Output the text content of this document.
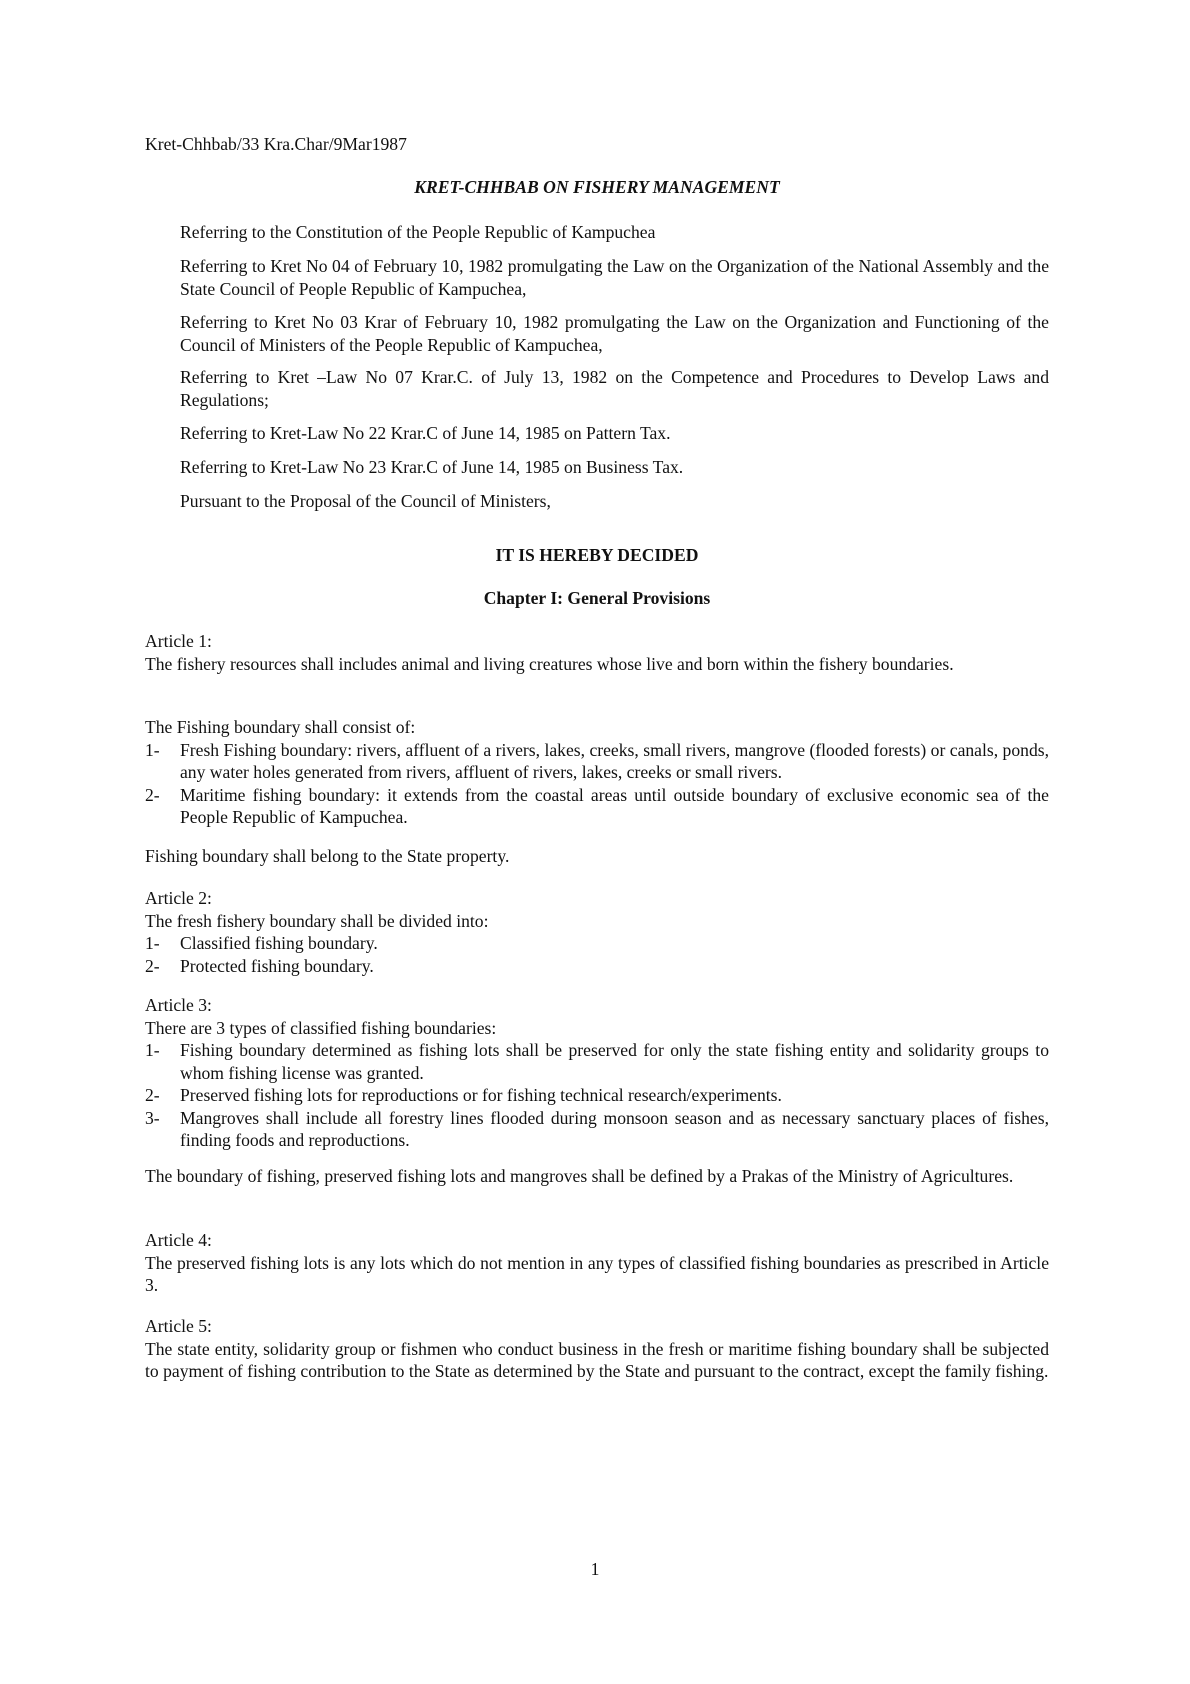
Kret-Chhbab/33 Kra.Char/9Mar1987

KRET-CHHBAB ON FISHERY MANAGEMENT

Referring to the Constitution of the People Republic of Kampuchea

Referring to Kret No 04 of February 10, 1982 promulgating the Law on the Organization of the National Assembly and the State Council of People Republic of Kampuchea,

Referring to Kret No 03 Krar of February 10, 1982 promulgating the Law on the Organization and Functioning of the Council of Ministers of the People Republic of Kampuchea,

Referring to Kret –Law No 07 Krar.C. of July 13, 1982 on the Competence and Procedures to Develop Laws and Regulations;

Referring to Kret-Law No 22 Krar.C of June 14, 1985 on Pattern Tax.

Referring to Kret-Law No 23 Krar.C of June 14, 1985 on Business Tax.

Pursuant to the Proposal of the Council of Ministers,

IT IS HEREBY DECIDED

Chapter I: General Provisions

Article 1:

The fishery resources shall includes animal and living creatures whose live and born within the fishery boundaries.

The Fishing boundary shall consist of:

1- Fresh Fishing boundary: rivers, affluent of a rivers, lakes, creeks, small rivers, mangrove (flooded forests) or canals, ponds, any water holes generated from rivers, affluent of rivers, lakes, creeks or small rivers.
2- Maritime fishing boundary: it extends from the coastal areas until outside boundary of exclusive economic sea of the People Republic of Kampuchea.

Fishing boundary shall belong to the State property.

Article 2:

The fresh fishery boundary shall be divided into:

1- Classified fishing boundary.
2- Protected fishing boundary.

Article 3:

There are 3 types of classified fishing boundaries:

1- Fishing boundary determined as fishing lots shall be preserved for only the state fishing entity and solidarity groups to whom fishing license was granted.
2- Preserved fishing lots for reproductions or for fishing technical research/experiments.
3- Mangroves shall include all forestry lines flooded during monsoon season and as necessary sanctuary places of fishes, finding foods and reproductions.

The boundary of fishing, preserved fishing lots and mangroves shall be defined by a Prakas of the Ministry of Agricultures.

Article 4:

The preserved fishing lots is any lots which do not mention in any types of classified fishing boundaries as prescribed in Article 3.

Article 5:

The state entity, solidarity group or fishmen who conduct business in the fresh or maritime fishing boundary shall be subjected to payment of fishing contribution to the State as determined by the State and pursuant to the contract, except the family fishing.

1
